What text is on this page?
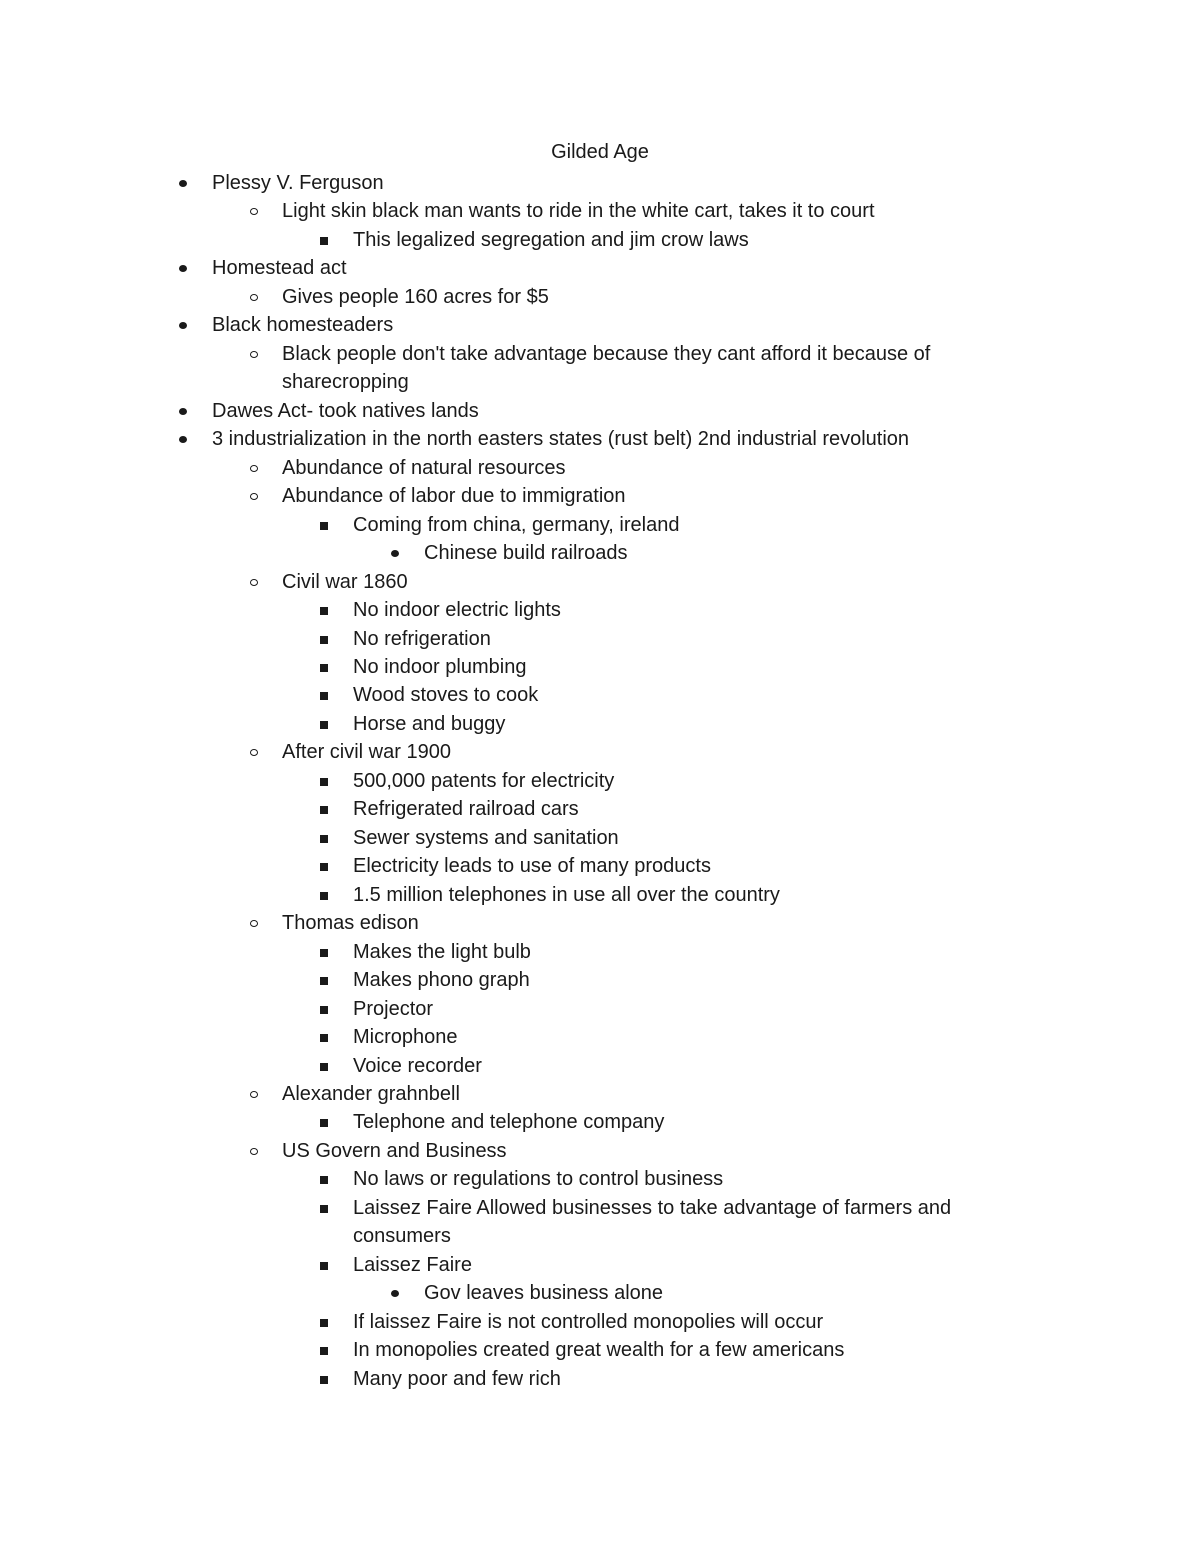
Gilded Age
Plessy V. Ferguson
Light skin black man wants to ride in the white cart, takes it to court
This legalized segregation and jim crow laws
Homestead act
Gives people 160 acres for $5
Black homesteaders
Black people don't take advantage because they cant afford it because of
sharecropping
Dawes Act- took natives lands
3 industrialization in the north easters states (rust belt) 2nd industrial revolution
Abundance of natural resources
Abundance of labor due to immigration
Coming from china, germany, ireland
Chinese build railroads
Civil war 1860
No indoor electric lights
No refrigeration
No indoor plumbing
Wood stoves to cook
Horse and buggy
After civil war 1900
500,000 patents for electricity
Refrigerated railroad cars
Sewer systems and sanitation
Electricity leads to use of many products
1.5 million telephones in use all over the country
Thomas edison
Makes the light bulb
Makes phono graph
Projector
Microphone
Voice recorder
Alexander grahnbell
Telephone and telephone company
US Govern and Business
No laws or regulations to control business
Laissez Faire Allowed businesses to take advantage of farmers and
consumers
Laissez Faire
Gov leaves business alone
If laissez Faire is not controlled monopolies will occur
In monopolies created great wealth for a few americans
Many poor and few rich
